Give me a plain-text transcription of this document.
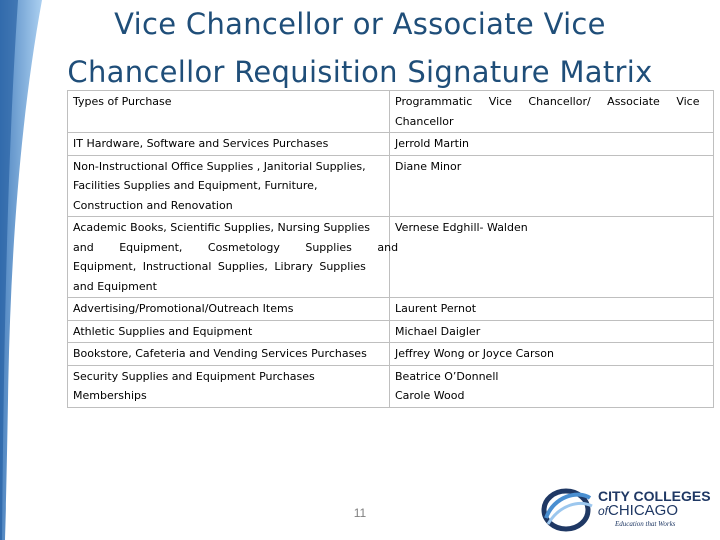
Vice Chancellor or Associate Vice
Chancellor Requisition Signature Matrix
Types of Purchase	Programmatic Vice Chancellor/ Associate Vice
Chancellor

IT Hardware, Software and Services Purchases	Jerrold Martin

Non-Instructional Office Supplies , Janitorial Supplies,
Facilities Supplies and Equipment, Furniture,
Construction and Renovation	Diane Minor

Academic Books, Scientific Supplies, Nursing Supplies
and Equipment, Cosmetology Supplies and
Equipment, Instructional Supplies, Library Supplies
and Equipment	Vernese Edghill- Walden
Advertising/Promotional/Outreach Items	Laurent Pernot
Athletic Supplies and Equipment	Michael Daigler
Bookstore, Cafeteria and Vending Services Purchases	Jeffrey Wong or Joyce Carson

Security Supplies and Equipment Purchases
Memberships	Beatrice O’Donnell
Carole Wood
11
CITY COLLEGES
ofCHICAGO
Education that Works
